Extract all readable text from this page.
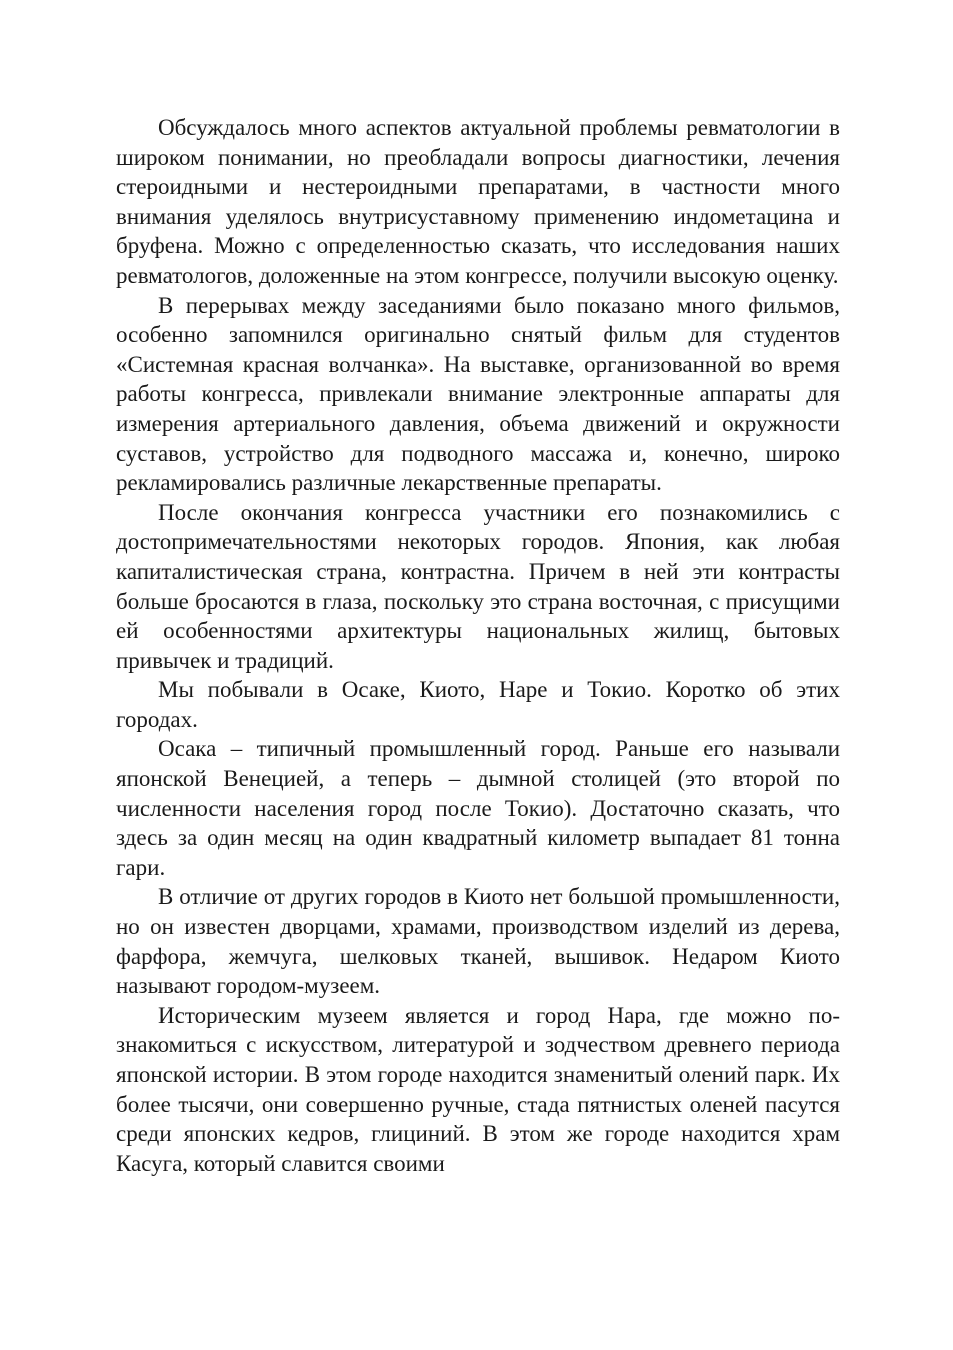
Обсуждалось много аспектов актуальной проблемы ревматологии в широком понимании, но преобладали вопросы диагностики, лечения стероидными и нестероидными препаратами, в частности много внимания уделялось внутрисуставному применению индометацина и бруфена. Можно с определенностью сказать, что исследования наших ревматологов, доложенные на этом конгрессе, получили высокую оценку.

В перерывах между заседаниями было показано много фильмов, особенно запомнился оригинально снятый фильм для студентов «Системная красная волчанка». На выставке, организованной во время работы конгресса, привлекали внимание электронные аппараты для измерения артериального давления, объема движений и окружности суставов, устройство для подводного массажа и, конечно, широко рекламировались различные лекарственные препараты.

После окончания конгресса участники его познакомились с достопримечательностями некоторых городов. Япония, как любая капиталистическая страна, контрастна. Причем в ней эти контрасты больше бросаются в глаза, поскольку это страна восточная, с присущими ей особенностями архитектуры национальных жилищ, бытовых привычек и традиций.

Мы побывали в Осаке, Киото, Наре и Токио. Коротко об этих городах.

Осака – типичный промышленный город. Раньше его называли японской Венецией, а теперь – дымной столицей (это второй по численности населения город после Токио). Достаточно сказать, что здесь за один месяц на один квадратный километр выпадает 81 тонна гари.

В отличие от других городов в Киото нет большой промышленности, но он известен дворцами, храмами, производством изделий из дерева, фарфора, жемчуга, шелковых тканей, вышивок. Недаром Киото называют городом-музеем.

Историческим музеем является и город Нара, где можно познакомиться с искусством, литературой и зодчеством древнего периода японской истории. В этом городе находится знаменитый олений парк. Их более тысячи, они совершенно ручные, стада пятнистых оленей пасутся среди японских кедров, глициний. В этом же городе находится храм Касуга, который славится своими
